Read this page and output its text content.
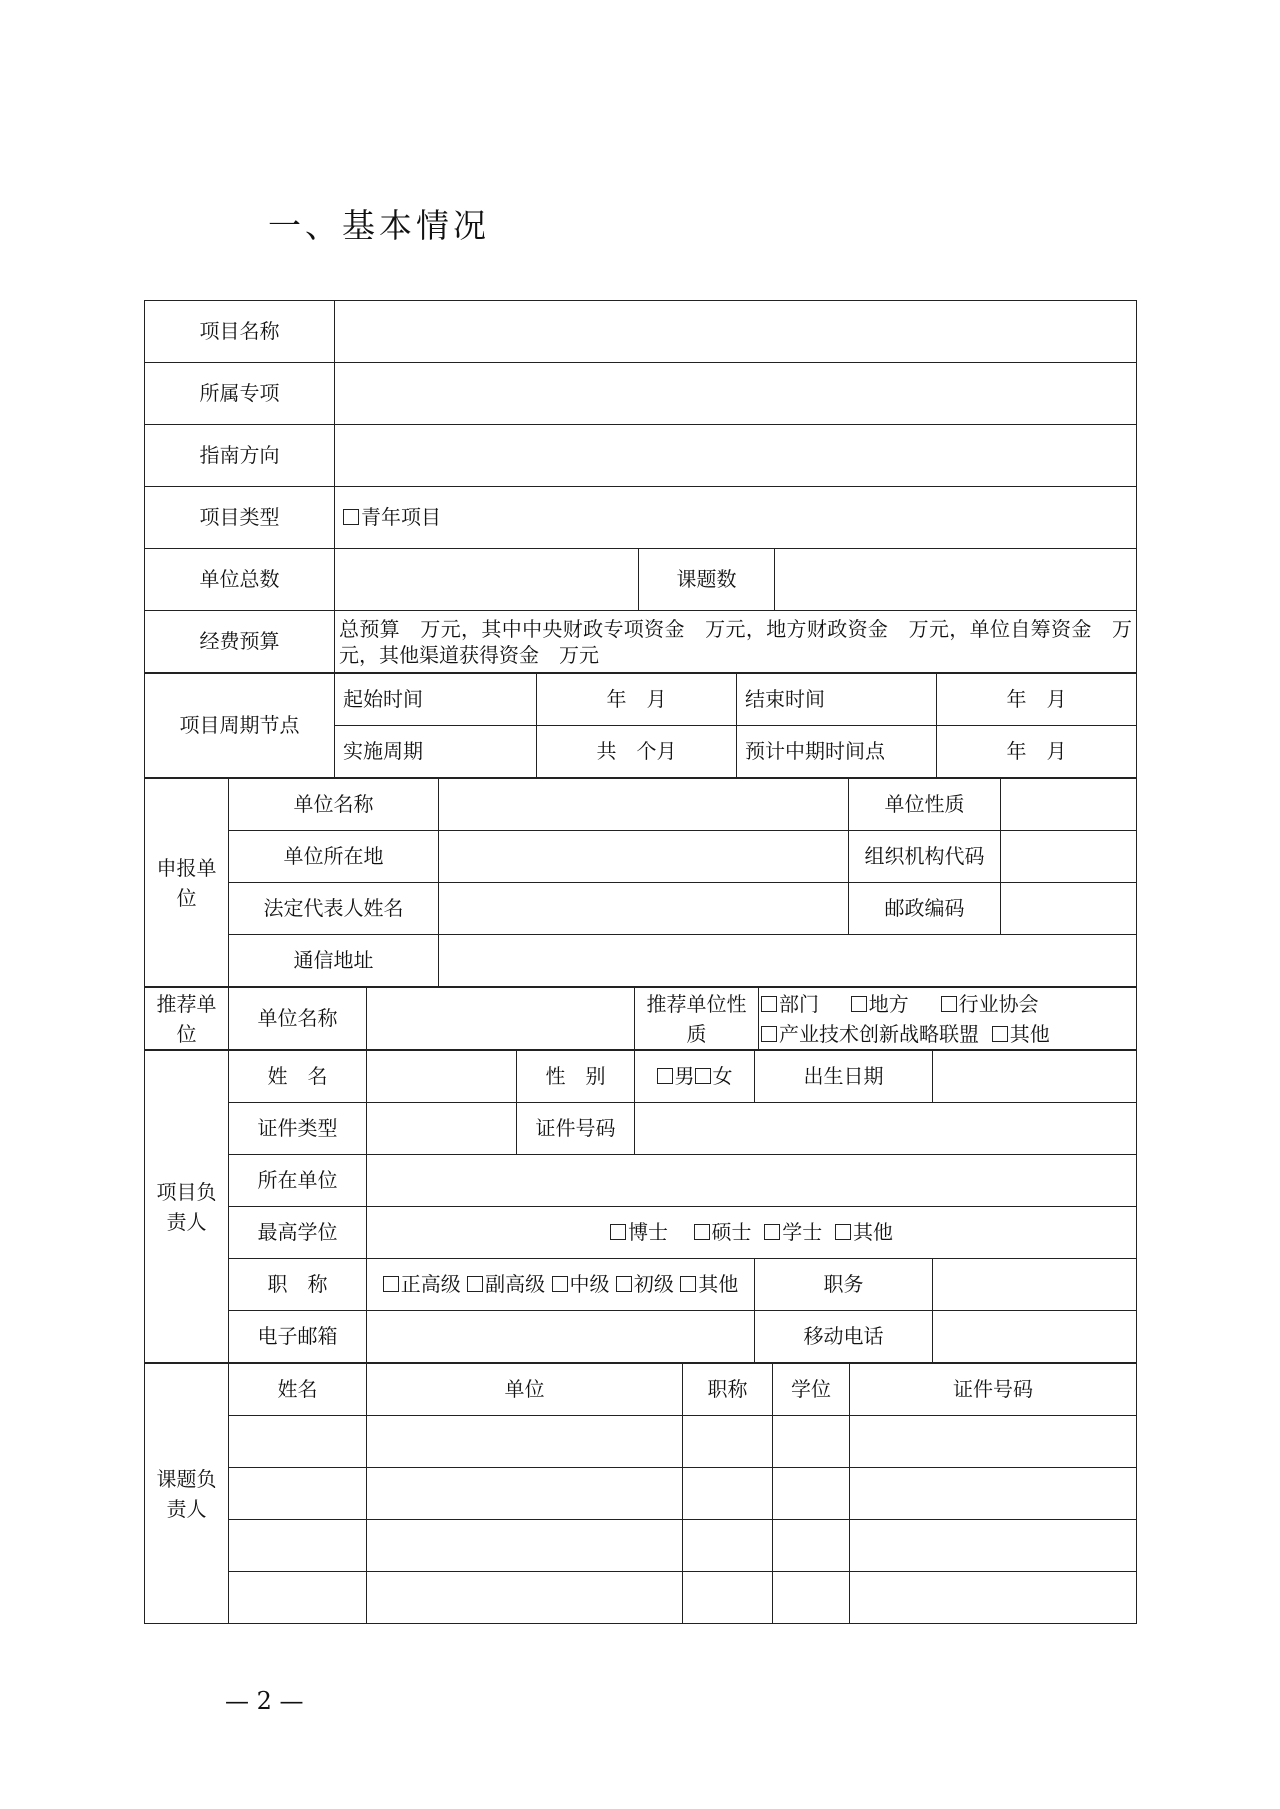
一、基本情况
项目名称			
所属专项			
指南方向			
项目类型	青年项目		
单位总数		课题数	
经费预算	总预算　万元，其中中央财政专项资金　万元，地方财政资金　万元，单位自筹资金　万元，其他渠道获得资金　万元		
项目周期节点	起始时间	年　月	结束时间	年　月
	实施周期	共　个月	预计中期时间点	年　月
申报单位	单位名称		单位性质	
	单位所在地		组织机构代码	
	法定代表人姓名		邮政编码	
	通信地址			
推荐单位	单位名称		推荐单位性质	部门 地方 行业协会
产业技术创新战略联盟 其他
项目负责人	姓　名		性　别	男 女	出生日期	
	证件类型		证件号码			
	所在单位					
	最高学位	博士 硕士 学士 其他				
	职　称	正高级 副高级 中级 初级 其他			职务	
	电子邮箱				移动电话	
课题负责人	姓名	单位	职称	学位	证件号码

— 2 —
